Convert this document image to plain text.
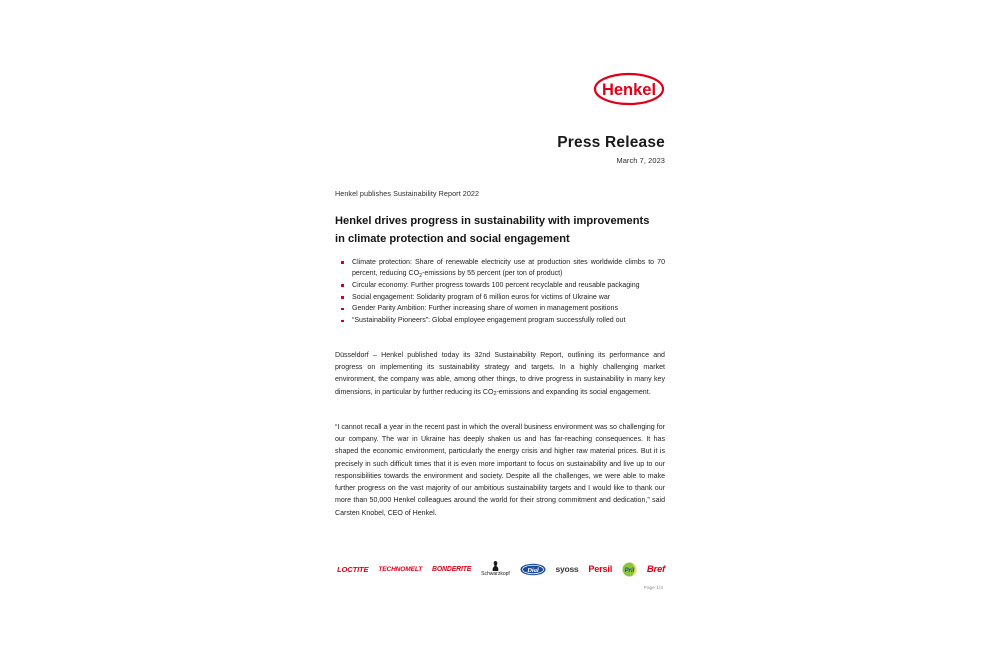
Henkel
Press Release
March 7, 2023
Henkel publishes Sustainability Report 2022
Henkel drives progress in sustainability with improvements in climate protection and social engagement
Climate protection: Share of renewable electricity use at production sites worldwide climbs to 70 percent, reducing $CO_2$-emissions by 55 percent (per ton of product)
Circular economy: Further progress towards 100 percent recyclable and reusable packaging
Social engagement: Solidarity program of 6 million euros for victims of Ukraine war
Gender Parity Ambition: Further increasing share of women in management positions
“Sustainability Pioneers”: Global employee engagement program successfully rolled out
Düsseldorf – Henkel published today its 32nd Sustainability Report, outlining its performance and progress on implementing its sustainability strategy and targets. In a highly challenging market environment, the company was able, among other things, to drive progress in sustainability in many key dimensions, in particular by further reducing its $CO_2$-emissions and expanding its social engagement.
“I cannot recall a year in the recent past in which the overall business environment was so challenging for our company. The war in Ukraine has deeply shaken us and has far-reaching consequences. It has shaped the economic environment, particularly the energy crisis and higher raw material prices. But it is precisely in such difficult times that it is even more important to focus on sustainability and live up to our responsibilities towards the environment and society. Despite all the challenges, we were able to make further progress on the vast majority of our ambitious sustainability targets and I would like to thank our more than 50,000 Henkel colleagues around the world for their strong commitment and dedication,” said Carsten Knobel, CEO of Henkel.
LOCTITE TECHNOMELT BONDERITE
Schwarzkopf
Dial syoss Persil Pril Bref
Page 1/4
